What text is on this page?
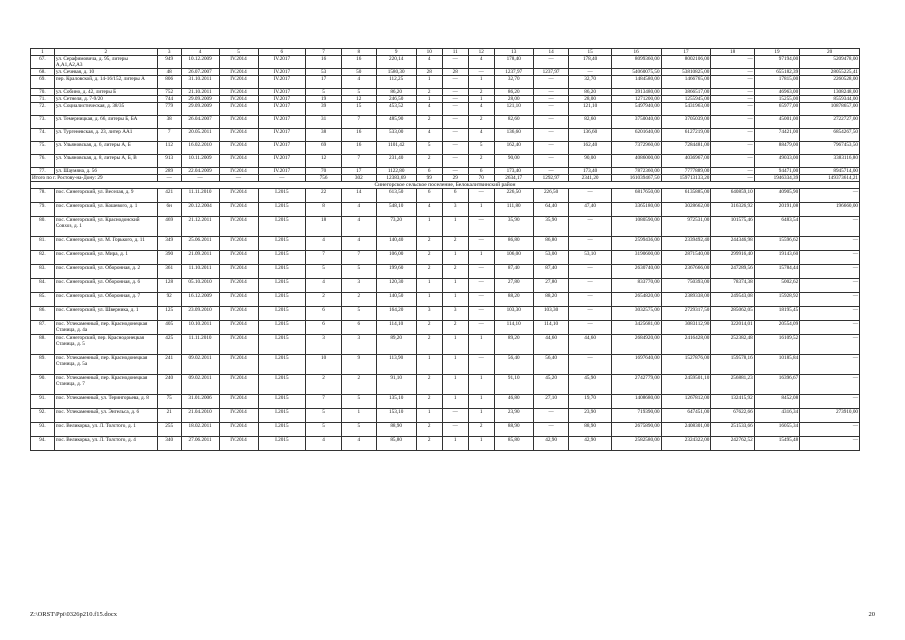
1	2	3	4	5	6	7	8	9	10	11	12	13	14	15	16	17	18	19	20
67.	ул. Серафимовича, д. 95, литеры А,А1,А2,А3	949	10.12.2009	IV.2014	IV.2017	16	16	220,14	4	—	4	178,40	—	178,40	8099360,00	8002106,00	—	97194,00	5209478,00
68.	ул. Сечевая, д. 10	48	26.07.2007	IV.2014	IV.2017	53	50	1580,30	28	28	—	1237,97	1237,97	—	54060075,50	53810825,00	—	655182,39	28055225,41
69.	пер. Краловской, д. 14-16/152, литеры А	806	31.10.2011	IV.2014	IV.2017	17	4	112,25	1	—	1	32,70	—	32,70	1484580,00	1466765,00	—	17815,00	2260528,00
70.	ул. Собино, д. 42, литеры Б	752	21.10.2011	IV.2014	IV.2017	5	5	86,20	2	—	2	86,20	—	86,20	3913480,00	3866517,00	—	46963,00	1308248,00
71.	ул. Сетнеля, д. 7-9/20	744	29.09.2009	IV.2014	IV.2017	19	12	246,50	1	—	1	28,00	—	28,00	1271200,00	1255945,00	—	15255,00	8559344,00
72.	ул. Социалистическая, д. 38/35	779	29.09.2009	IV.2014	IV.2017	39	15	453,52	4	—	4	121,10	—	121,10	5497940,00	5431963,00	—	65977,00	10878657,00
73.	ул. Темерницкая, д. 66, литеры Б, БА	38	26.04.2007	IV.2014	IV.2017	31	7	485,90	2	—	2	82,60	—	82,60	3750040,00	3705039,00	—	45001,00	2722727,00
74.	ул. Тургеневская, д. 23, литер АА1	7	20.05.2011	IV.2014	IV.2017	38	16	533,00	4	—	4	136,60	—	136,60	6201640,00	6127219,00	—	74421,00	6854267,50
75.	ул. Ульяновская, д. 6, литеры А, Б	112	16.02.2010	IV.2014	IV.2017	69	16	1101,42	5	—	5	162,40	—	162,40	7372960,00	7284481,00	—	88479,00	7967453,50
76.	ул. Ульяновская, д. 8, литеры А, Б, В	913	10.11.2009	IV.2014	IV.2017	12	7	231,40	2	—	2	90,00	—	90,00	4086000,00	4036967,00	—	49033,00	3383116,80
77.	ул. Шаумяна, д. 56	289	22.04.2009	IV.2014	IV.2017	70	17	1122,80	6	—	6	173,40	—	173,40	7872360,00	7777889,00	—	94471,00	8945714,00
Итого по г. Ростову-на-Дону: 29		—	—	—	—	756	302	12383,69	99	29	70	2634,17	1292,97	2341,20	161039467,50	159713133,20	—	1946334,39	149373614,21
Синегорское сельское поселение, Белокалитвинский район																			
78.	пос. Синегорский, ул. Веселая, д. 9	421	11.11.2010	IV.2014	I.2015	22	14	613,50	6	6	—	226,50	226,50	—	6817650,00	6135885,00	640859,10	40905,90	—
79.	пос. Синегорский, ул. Кошевого, д. 1	6н	20.12.2004	IV.2014	I.2015	8	4	548,10	4	3	1	111,80	64,40	47,40	3365180,00	3028662,00	316326,92	20191,08	196660,00
80.	пос. Синегорский, ул. Краснодонский Совхоз, д. 1	469	21.12.2011	IV.2014	I.2015	18	4	73,20	1	1	—	35,90	35,90	—	1080590,00	972531,00	101575,46	6483,54	—
81.	пос. Синегорский, ул. М. Горького, д. 11	349	25.06.2011	IV.2014	I.2015	4	4	140,40	2	2	—	86,80	86,80	—	2599436,00	2339492,40	244346,98	15596,62	—
82.	пос. Синегорский, ул. Мира, д. 1	390	21.09.2011	IV.2014	I.2015	7	7	106,00	2	1	1	106,00	53,00	53,10	3190600,00	2871540,00	299916,40	19143,60	—
83.	пос. Синегорский, ул. Оборонная, д. 2	361	11.10.2011	IV.2014	I.2015	5	5	199,60	2	2	—	87,40	87,40	—	2630740,00	2367666,00	247289,56	15784,44	—
84.	пос. Синегорский, ул. Оборонная, д. 6	128	05.10.2010	IV.2014	I.2015	4	3	120,30	1	1	—	27,80	27,80	—	833770,00	750393,00	78374,38	5002,62	—
85.	пос. Синегорский, ул. Оборонная, д. 7	92	16.12.2009	IV.2014	I.2015	2	2	140,50	1	1	—	88,20	88,20	—	2654820,00	2389338,00	249543,08	15928,92	—
86.	пос. Синегорский, ул. Шверника, д. 1	125	23.09.2010	IV.2014	I.2015	6	5	164,20	3	3	—	103,30	103,30	—	3032575,00	2729317,50	285062,05	18195,45	—
87.	пос. Углекаменный, пер. Краснодонецкая Станица, д. 4а	405	10.10.2011	IV.2014	I.2015	6	6	114,10	2	2	—	114,10	114,10	—	3425681,00	3083112,90	322014,01	20554,09	—
88.	пос. Синегорский, пер. Краснодонецкая Станица, д. 5	425	11.11.2010	IV.2014	I.2015	3	3	89,20	2	1	1	89,20	44,60	44,60	2684920,00	2416428,00	252382,48	16109,52	—
89.	пос. Углекаменный, пер. Краснодонецкая Станица, д. 5а	241	09.02.2011	IV.2014	I.2015	10	9	113,90	1	1	—	56,40	56,40	—	1697640,00	1527876,00	159578,16	10185,84	—
90.	пос. Углекаменный, пер. Краснодонецкая Станица, д. 7	240	09.02.2011	IV.2014	I.2015	2	2	91,10	2	1	1	91,10	45,20	45,90	2742779,00	2459501,10	256881,23	16396,67	—
91.	пос. Углекаменный, ул. Терингорьева, д. 8	75	31.01.2006	IV.2014	I.2015	7	5	135,10	2	1	1	46,80	27,10	19,70	1408680,00	1267812,00	132415,92	8452,08	—
92.	пос. Углекаменный, ул. Энгельса, д. 6	21	21.04.2010	IV.2014	I.2015	5	1	153,10	1	—	1	23,90	—	23,90	719390,00	647451,00	67622,66	4316,34	273910,00
93.	пос. Великорка, ул. Л. Толстого, д. 1	255	18.02.2011	IV.2014	I.2015	5	5	88,90	2	—	2	88,90	—	88,90	2675890,00	2408301,00	251533,66	16055,34	—
94.	пос. Великорка, ул. Л. Толстого, д. 4	340	27.06.2011	IV.2014	I.2015	4	4	85,80	2	1	1	85,80	42,90	42,90	2582580,00	2324322,00	242762,52	15495,48	—
Z:\ORST\Ppi\0326p210.f15.docx	20
